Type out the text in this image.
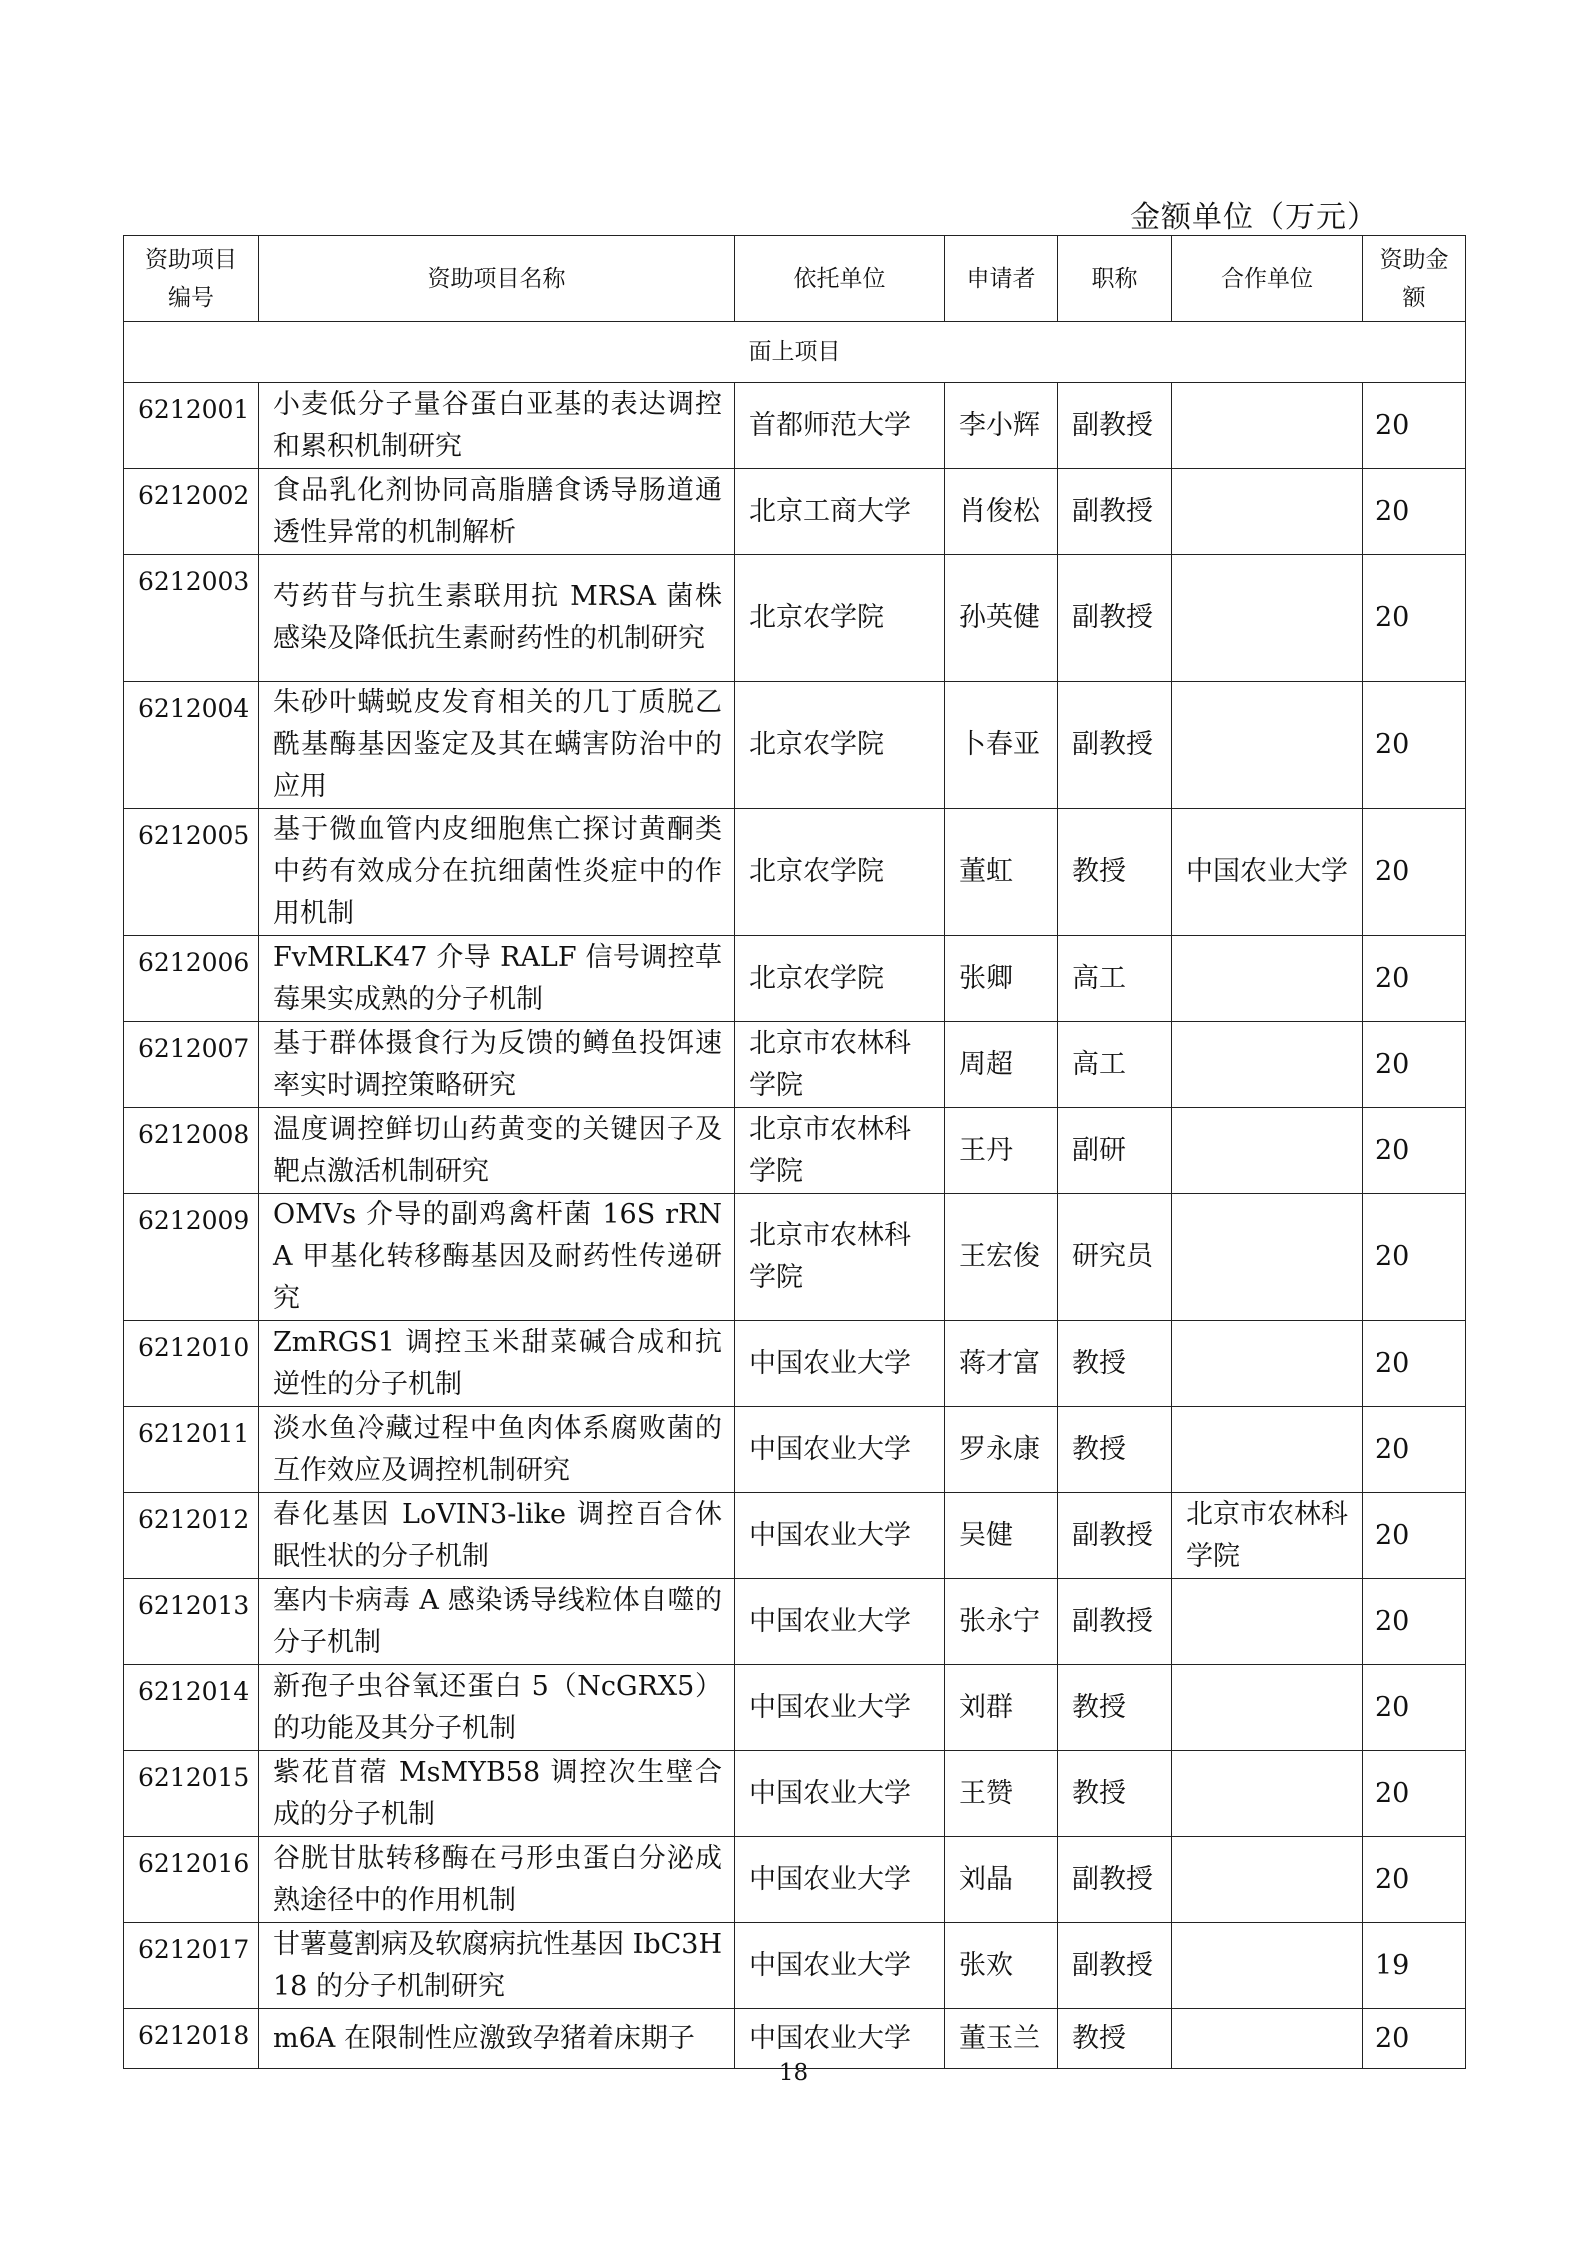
金额单位（万元）
资助项目编号	资助项目名称	依托单位	申请者	职称	合作单位	资助金额
面上项目						
6212001	小麦低分子量谷蛋白亚基的表达调控和累积机制研究	首都师范大学	李小辉	副教授		20
6212002	食品乳化剂协同高脂膳食诱导肠道通透性异常的机制解析	北京工商大学	肖俊松	副教授		20
6212003	芍药苷与抗生素联用抗 MRSA 菌株感染及降低抗生素耐药性的机制研究	北京农学院	孙英健	副教授		20
6212004	朱砂叶螨蜕皮发育相关的几丁质脱乙酰基酶基因鉴定及其在螨害防治中的应用	北京农学院	卜春亚	副教授		20
6212005	基于微血管内皮细胞焦亡探讨黄酮类中药有效成分在抗细菌性炎症中的作用机制	北京农学院	董虹	教授	中国农业大学	20
6212006	FvMRLK47 介导 RALF 信号调控草莓果实成熟的分子机制	北京农学院	张卿	高工		20
6212007	基于群体摄食行为反馈的鳟鱼投饵速率实时调控策略研究	北京市农林科学院	周超	高工		20
6212008	温度调控鲜切山药黄变的关键因子及靶点激活机制研究	北京市农林科学院	王丹	副研		20
6212009	OMVs 介导的副鸡禽杆菌 16S rRNA 甲基化转移酶基因及耐药性传递研究	北京市农林科学院	王宏俊	研究员		20
6212010	ZmRGS1 调控玉米甜菜碱合成和抗逆性的分子机制	中国农业大学	蒋才富	教授		20
6212011	淡水鱼冷藏过程中鱼肉体系腐败菌的互作效应及调控机制研究	中国农业大学	罗永康	教授		20
6212012	春化基因 LoVIN3-like 调控百合休眠性状的分子机制	中国农业大学	吴健	副教授	北京市农林科学院	20
6212013	塞内卡病毒 A 感染诱导线粒体自噬的分子机制	中国农业大学	张永宁	副教授		20
6212014	新孢子虫谷氧还蛋白 5（NcGRX5）的功能及其分子机制	中国农业大学	刘群	教授		20
6212015	紫花苜蓿 MsMYB58 调控次生壁合成的分子机制	中国农业大学	王赞	教授		20
6212016	谷胱甘肽转移酶在弓形虫蛋白分泌成熟途径中的作用机制	中国农业大学	刘晶	副教授		20
6212017	甘薯蔓割病及软腐病抗性基因 IbC3H18 的分子机制研究	中国农业大学	张欢	副教授		19
6212018	m6A 在限制性应激致孕猪着床期子	中国农业大学	董玉兰	教授		20
18
